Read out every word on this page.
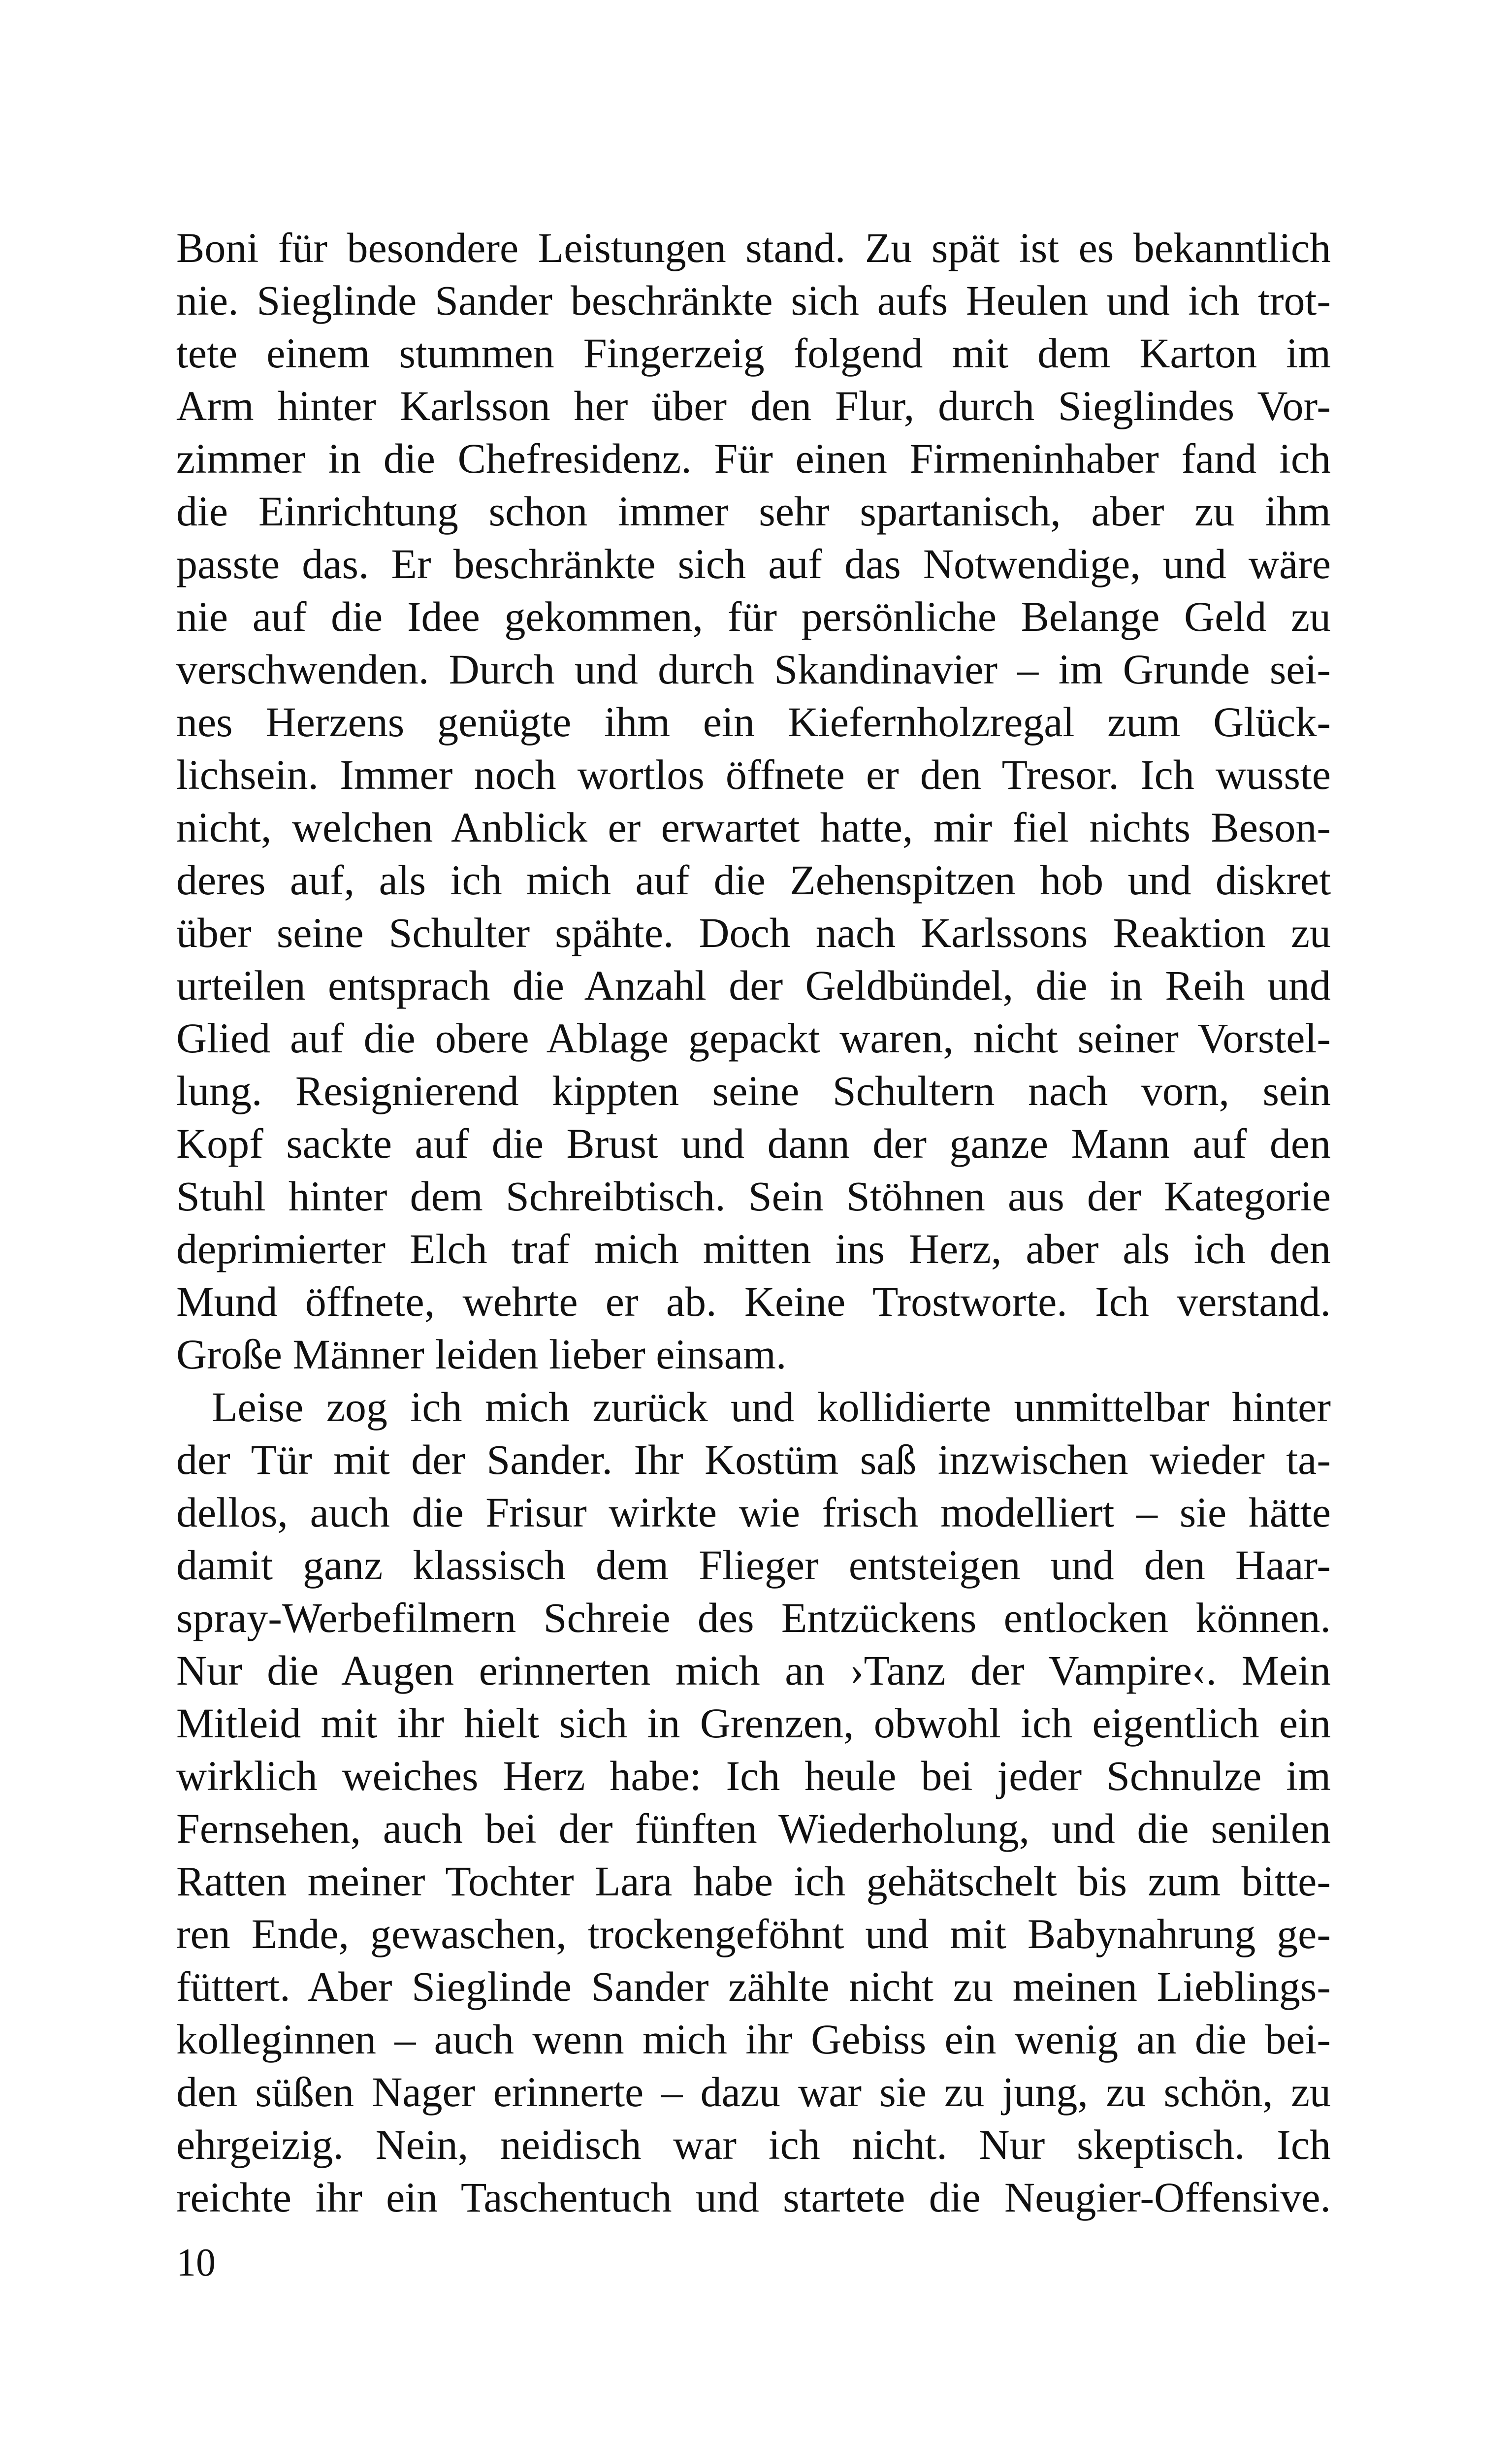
Boni für besondere Leistungen stand. Zu spät ist es bekanntlich
nie. Sieglinde Sander beschränkte sich aufs Heulen und ich trot-
tete einem stummen Fingerzeig folgend mit dem Karton im
Arm hinter Karlsson her über den Flur, durch Sieglindes Vor-
zimmer in die Chefresidenz. Für einen Firmeninhaber fand ich
die Einrichtung schon immer sehr spartanisch, aber zu ihm
passte das. Er beschränkte sich auf das Notwendige, und wäre
nie auf die Idee gekommen, für persönliche Belange Geld zu
verschwenden. Durch und durch Skandinavier – im Grunde sei-
nes Herzens genügte ihm ein Kiefernholzregal zum Glück-
lichsein. Immer noch wortlos öffnete er den Tresor. Ich wusste
nicht, welchen Anblick er erwartet hatte, mir fiel nichts Beson-
deres auf, als ich mich auf die Zehenspitzen hob und diskret
über seine Schulter spähte. Doch nach Karlssons Reaktion zu
urteilen entsprach die Anzahl der Geldbündel, die in Reih und
Glied auf die obere Ablage gepackt waren, nicht seiner Vorstel-
lung. Resignierend kippten seine Schultern nach vorn, sein
Kopf sackte auf die Brust und dann der ganze Mann auf den
Stuhl hinter dem Schreibtisch. Sein Stöhnen aus der Kategorie
deprimierter Elch traf mich mitten ins Herz, aber als ich den
Mund öffnete, wehrte er ab. Keine Trostworte. Ich verstand.
Große Männer leiden lieber einsam.
Leise zog ich mich zurück und kollidierte unmittelbar hinter
der Tür mit der Sander. Ihr Kostüm saß inzwischen wieder ta-
dellos, auch die Frisur wirkte wie frisch modelliert – sie hätte
damit ganz klassisch dem Flieger entsteigen und den Haar-
spray-Werbefilmern Schreie des Entzückens entlocken können.
Nur die Augen erinnerten mich an ›Tanz der Vampire‹. Mein
Mitleid mit ihr hielt sich in Grenzen, obwohl ich eigentlich ein
wirklich weiches Herz habe: Ich heule bei jeder Schnulze im
Fernsehen, auch bei der fünften Wiederholung, und die senilen
Ratten meiner Tochter Lara habe ich gehätschelt bis zum bitte-
ren Ende, gewaschen, trockengeföhnt und mit Babynahrung ge-
füttert. Aber Sieglinde Sander zählte nicht zu meinen Lieblings-
kolleginnen – auch wenn mich ihr Gebiss ein wenig an die bei-
den süßen Nager erinnerte – dazu war sie zu jung, zu schön, zu
ehrgeizig. Nein, neidisch war ich nicht. Nur skeptisch. Ich
reichte ihr ein Taschentuch und startete die Neugier-Offensive.
10
